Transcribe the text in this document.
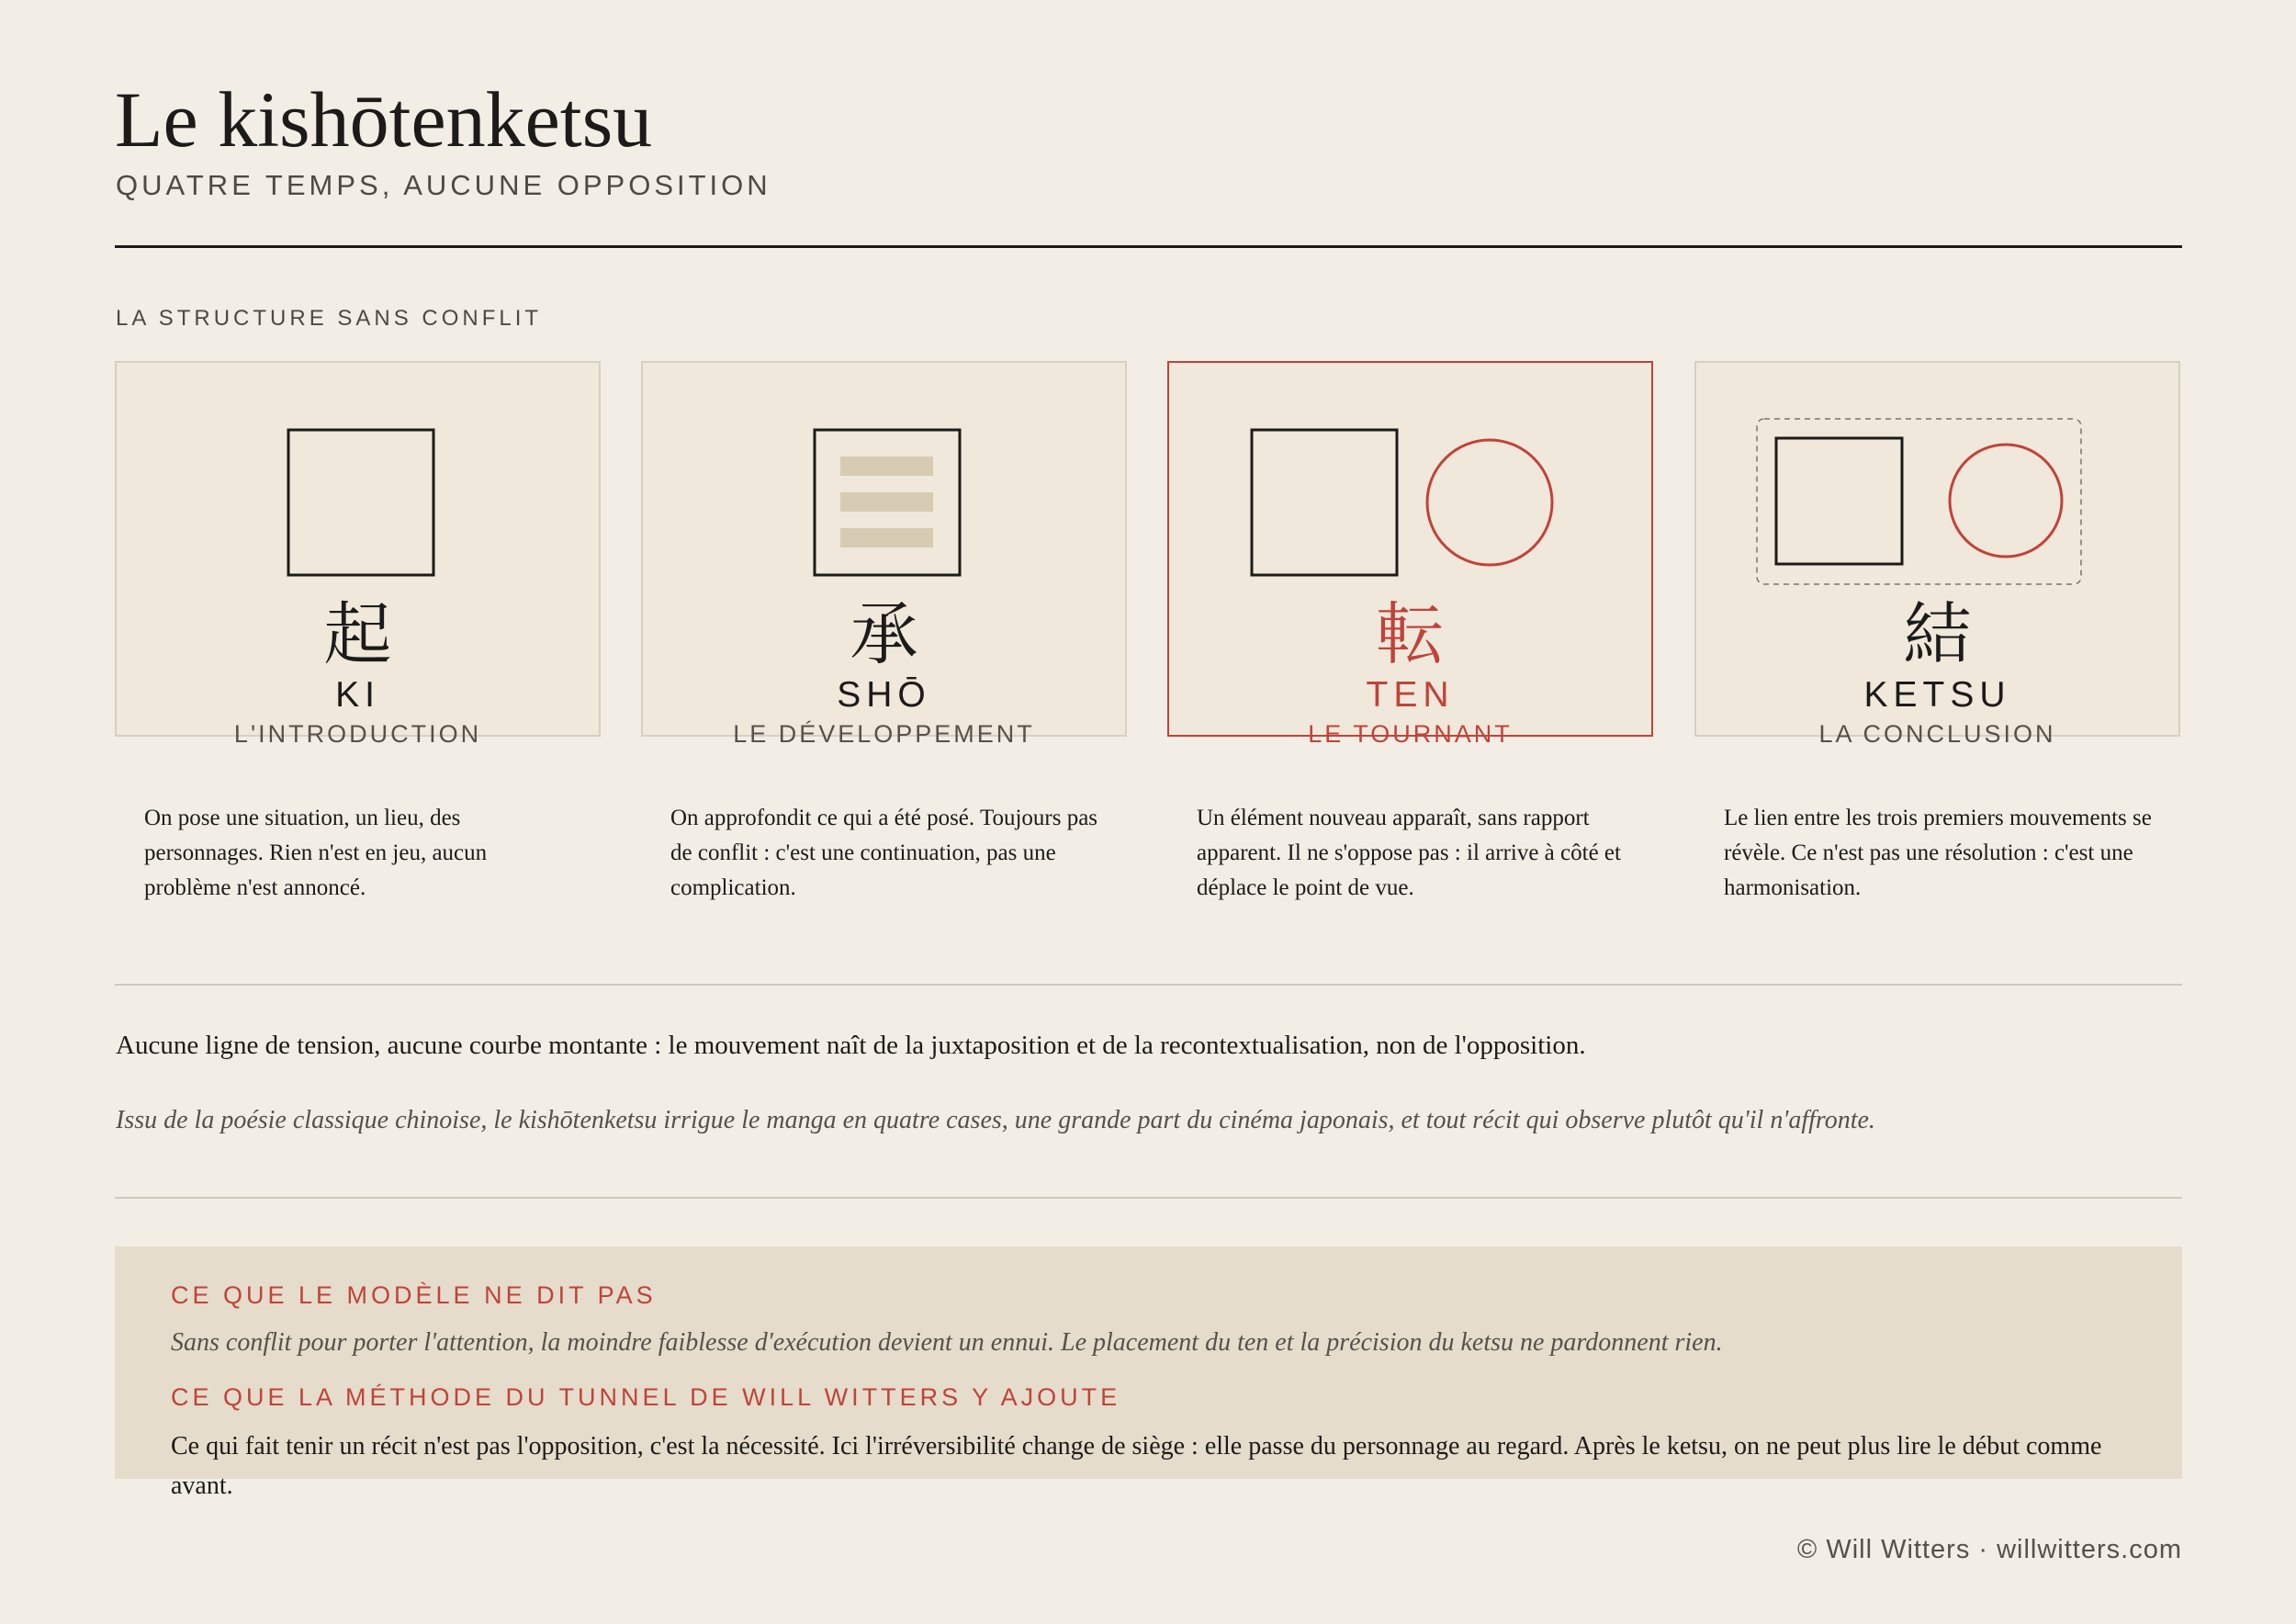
Le kishōtenketsu
QUATRE TEMPS, AUCUNE OPPOSITION
LA STRUCTURE SANS CONFLIT
起
KI
L'INTRODUCTION
承
SHŌ
LE DÉVELOPPEMENT
転
TEN
LE TOURNANT
結
KETSU
LA CONCLUSION
On pose une situation, un lieu, des personnages. Rien n'est en jeu, aucun problème n'est annoncé.
On approfondit ce qui a été posé. Toujours pas de conflit : c'est une continuation, pas une complication.
Un élément nouveau apparaît, sans rapport apparent. Il ne s'oppose pas : il arrive à côté et déplace le point de vue.
Le lien entre les trois premiers mouvements se révèle. Ce n'est pas une résolution : c'est une harmonisation.
Aucune ligne de tension, aucune courbe montante : le mouvement naît de la juxtaposition et de la recontextualisation, non de l'opposition.
Issu de la poésie classique chinoise, le kishōtenketsu irrigue le manga en quatre cases, une grande part du cinéma japonais, et tout récit qui observe plutôt qu'il n'affronte.
CE QUE LE MODÈLE NE DIT PAS
Sans conflit pour porter l'attention, la moindre faiblesse d'exécution devient un ennui. Le placement du ten et la précision du ketsu ne pardonnent rien.
CE QUE LA MÉTHODE DU TUNNEL DE WILL WITTERS Y AJOUTE
Ce qui fait tenir un récit n'est pas l'opposition, c'est la nécessité. Ici l'irréversibilité change de siège : elle passe du personnage au regard. Après le ketsu, on ne peut plus lire le début comme avant.
© Will Witters · willwitters.com
